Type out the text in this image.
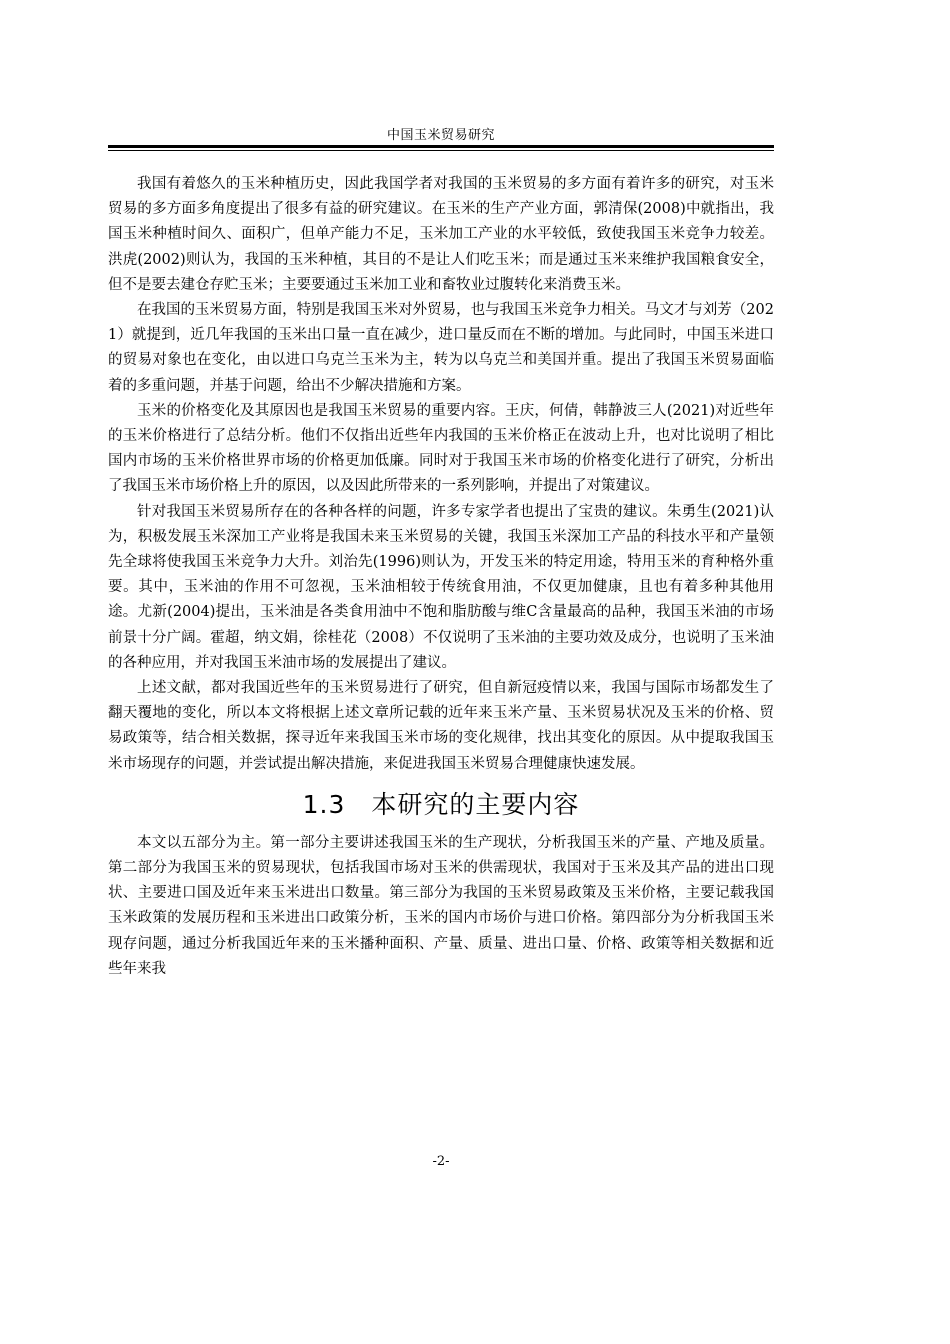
中国玉米贸易研究

我国有着悠久的玉米种植历史，因此我国学者对我国的玉米贸易的多方面有着许多的研究，对玉米贸易的多方面多角度提出了很多有益的研究建议。在玉米的生产产业方面，郭清保(2008)中就指出，我国玉米种植时间久、面积广，但单产能力不足，玉米加工产业的水平较低，致使我国玉米竞争力较差。洪虎(2002)则认为，我国的玉米种植，其目的不是让人们吃玉米；而是通过玉米来维护我国粮食安全，但不是要去建仓存贮玉米；主要要通过玉米加工业和畜牧业过腹转化来消费玉米。

在我国的玉米贸易方面，特别是我国玉米对外贸易，也与我国玉米竞争力相关。马文才与刘芳（2021）就提到，近几年我国的玉米出口量一直在减少，进口量反而在不断的增加。与此同时，中国玉米进口的贸易对象也在变化，由以进口乌克兰玉米为主，转为以乌克兰和美国并重。提出了我国玉米贸易面临着的多重问题，并基于问题，给出不少解决措施和方案。

玉米的价格变化及其原因也是我国玉米贸易的重要内容。王庆，何倩，韩静波三人(2021)对近些年的玉米价格进行了总结分析。他们不仅指出近些年内我国的玉米价格正在波动上升，也对比说明了相比国内市场的玉米价格世界市场的价格更加低廉。同时对于我国玉米市场的价格变化进行了研究，分析出了我国玉米市场价格上升的原因，以及因此所带来的一系列影响，并提出了对策建议。

针对我国玉米贸易所存在的各种各样的问题，许多专家学者也提出了宝贵的建议。朱勇生(2021)认为，积极发展玉米深加工产业将是我国未来玉米贸易的关键，我国玉米深加工产品的科技水平和产量领先全球将使我国玉米竞争力大升。刘治先(1996)则认为，开发玉米的特定用途，特用玉米的育种格外重要。其中，玉米油的作用不可忽视，玉米油相较于传统食用油，不仅更加健康，且也有着多种其他用途。尤新(2004)提出，玉米油是各类食用油中不饱和脂肪酸与维C含量最高的品种，我国玉米油的市场前景十分广阔。霍超，纳文娟，徐桂花（2008）不仅说明了玉米油的主要功效及成分，也说明了玉米油的各种应用，并对我国玉米油市场的发展提出了建议。

上述文献，都对我国近些年的玉米贸易进行了研究，但自新冠疫情以来，我国与国际市场都发生了翻天覆地的变化，所以本文将根据上述文章所记载的近年来玉米产量、玉米贸易状况及玉米的价格、贸易政策等，结合相关数据，探寻近年来我国玉米市场的变化规律，找出其变化的原因。从中提取我国玉米市场现存的问题，并尝试提出解决措施，来促进我国玉米贸易合理健康快速发展。

1.3　本研究的主要内容

本文以五部分为主。第一部分主要讲述我国玉米的生产现状，分析我国玉米的产量、产地及质量。第二部分为我国玉米的贸易现状，包括我国市场对玉米的供需现状，我国对于玉米及其产品的进出口现状、主要进口国及近年来玉米进出口数量。第三部分为我国的玉米贸易政策及玉米价格，主要记载我国玉米政策的发展历程和玉米进出口政策分析，玉米的国内市场价与进口价格。第四部分为分析我国玉米现存问题，通过分析我国近年来的玉米播种面积、产量、质量、进出口量、价格、政策等相关数据和近些年来我

-2-
